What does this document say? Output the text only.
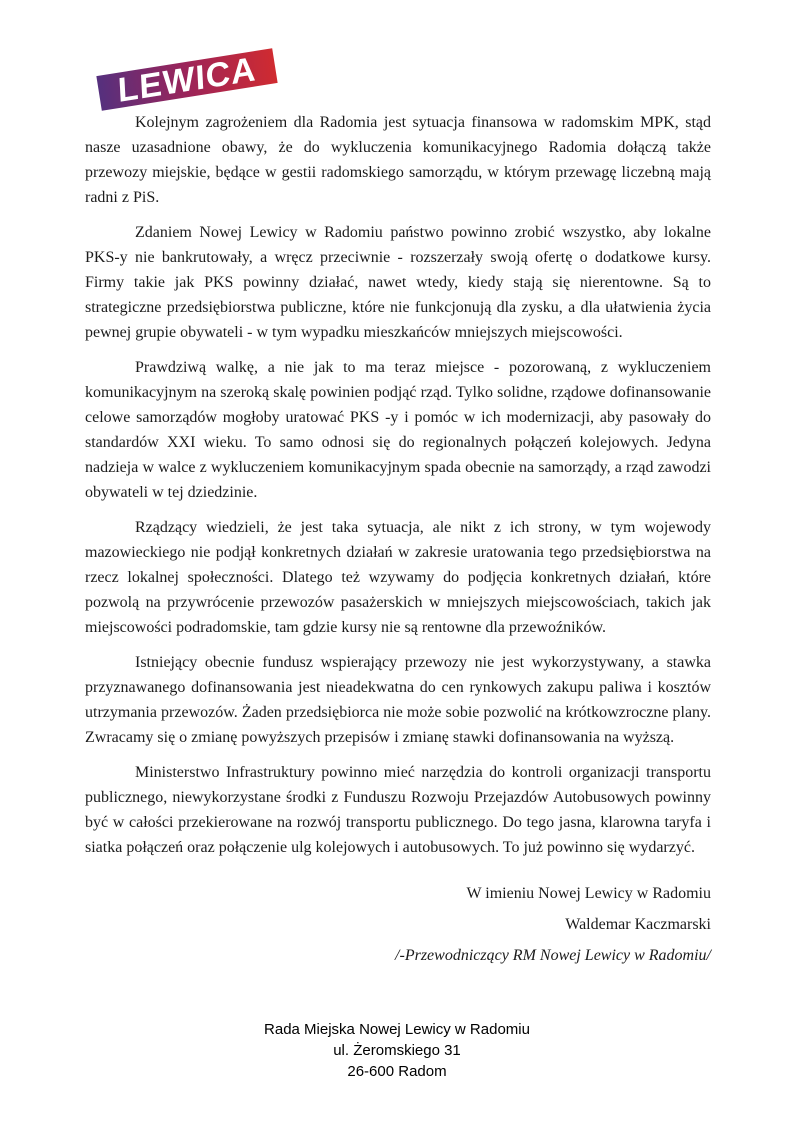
LEWICA

Kolejnym zagrożeniem dla Radomia jest sytuacja finansowa w radomskim MPK, stąd nasze uzasadnione obawy, że do wykluczenia komunikacyjnego Radomia dołączą także przewozy miejskie, będące w gestii radomskiego samorządu, w którym przewagę liczebną mają radni z PiS.

Zdaniem Nowej Lewicy w Radomiu państwo powinno zrobić wszystko, aby lokalne PKS-y nie bankrutowały, a wręcz przeciwnie - rozszerzały swoją ofertę o dodatkowe kursy. Firmy takie jak PKS powinny działać, nawet wtedy, kiedy stają się nierentowne. Są to strategiczne przedsiębiorstwa publiczne, które nie funkcjonują dla zysku, a dla ułatwienia życia pewnej grupie obywateli - w tym wypadku mieszkańców mniejszych miejscowości.

Prawdziwą walkę, a nie jak to ma teraz miejsce - pozorowaną, z wykluczeniem komunikacyjnym na szeroką skalę powinien podjąć rząd. Tylko solidne, rządowe dofinansowanie celowe samorządów mogłoby uratować PKS -y i pomóc w ich modernizacji, aby pasowały do standardów XXI wieku. To samo odnosi się do regionalnych połączeń kolejowych. Jedyna nadzieja w walce z wykluczeniem komunikacyjnym spada obecnie na samorządy, a rząd zawodzi obywateli w tej dziedzinie.

Rządzący wiedzieli, że jest taka sytuacja, ale nikt z ich strony, w tym wojewody mazowieckiego nie podjął konkretnych działań w zakresie uratowania tego przedsiębiorstwa na rzecz lokalnej społeczności. Dlatego też wzywamy do podjęcia konkretnych działań, które pozwolą na przywrócenie przewozów pasażerskich w mniejszych miejscowościach, takich jak miejscowości podradomskie, tam gdzie kursy nie są rentowne dla przewoźników.

Istniejący obecnie fundusz wspierający przewozy nie jest wykorzystywany, a stawka przyznawanego dofinansowania jest nieadekwatna do cen rynkowych zakupu paliwa i kosztów utrzymania przewozów. Żaden przedsiębiorca nie może sobie pozwolić na krótkowzroczne plany. Zwracamy się o zmianę powyższych przepisów i zmianę stawki dofinansowania na wyższą.

Ministerstwo Infrastruktury powinno mieć narzędzia do kontroli organizacji transportu publicznego, niewykorzystane środki z Funduszu Rozwoju Przejazdów Autobusowych powinny być w całości przekierowane na rozwój transportu publicznego. Do tego jasna, klarowna taryfa i siatka połączeń oraz połączenie ulg kolejowych i autobusowych. To już powinno się wydarzyć.

W imieniu Nowej Lewicy w Radomiu

Waldemar Kaczmarski

/-Przewodniczący RM Nowej Lewicy w Radomiu/

Rada Miejska Nowej Lewicy w Radomiu

ul. Żeromskiego 31

26-600 Radom
